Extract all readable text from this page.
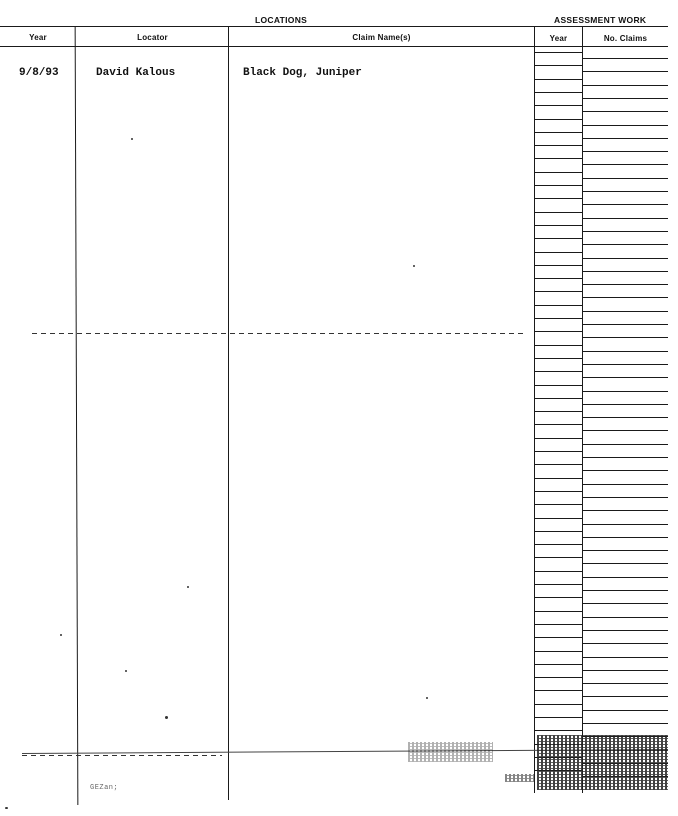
LOCATIONS	ASSESSMENT WORK
Year	Locator	Claim Name(s)	Year	No. Claims
9/8/93	David Kalous	Black Dog, Juniper
GEZan;
